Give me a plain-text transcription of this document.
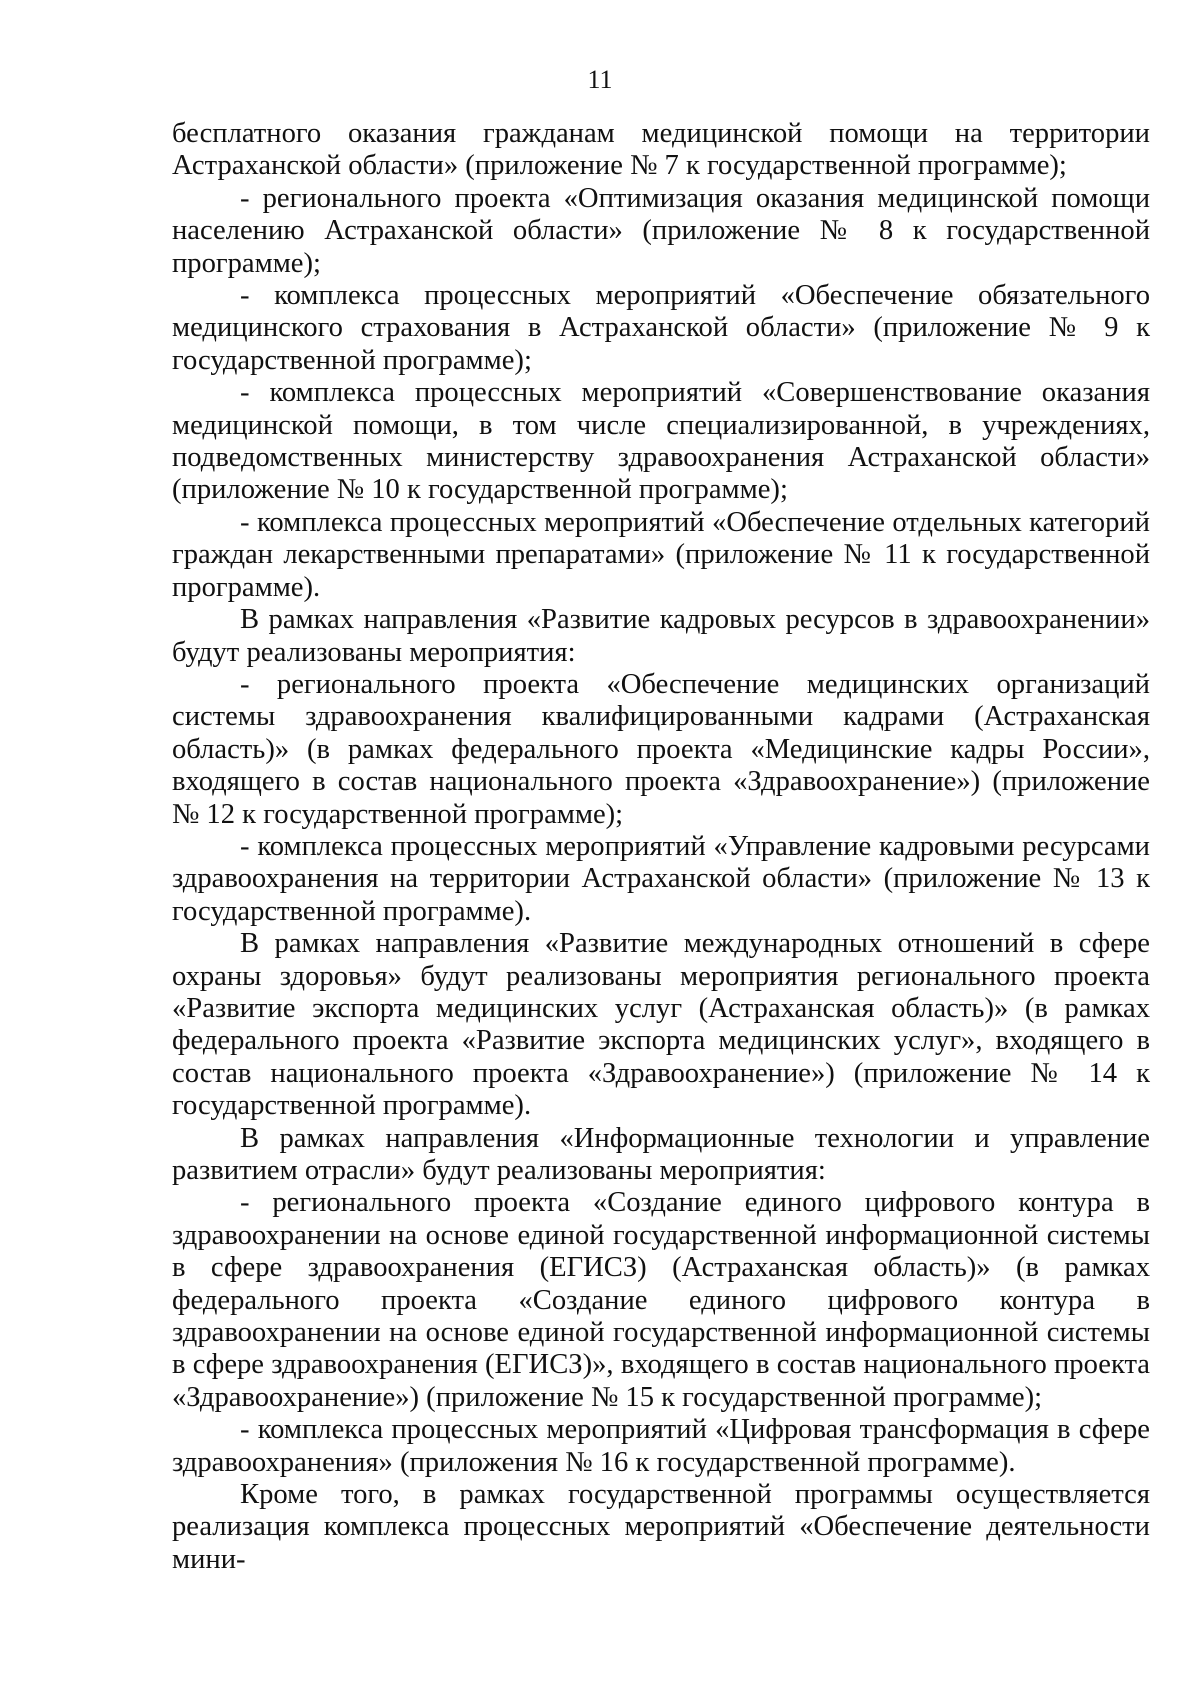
11

бесплатного оказания гражданам медицинской помощи на территории Астраханской области» (приложение № 7 к государственной программе);

- регионального проекта «Оптимизация оказания медицинской помощи населению Астраханской области» (приложение № 8 к государственной программе);

- комплекса процессных мероприятий «Обеспечение обязательного медицинского страхования в Астраханской области» (приложение № 9 к государственной программе);

- комплекса процессных мероприятий «Совершенствование оказания медицинской помощи, в том числе специализированной, в учреждениях, подведомственных министерству здравоохранения Астраханской области» (приложение № 10 к государственной программе);

- комплекса процессных мероприятий «Обеспечение отдельных категорий граждан лекарственными препаратами» (приложение № 11 к государственной программе).

В рамках направления «Развитие кадровых ресурсов в здравоохранении» будут реализованы мероприятия:

- регионального проекта «Обеспечение медицинских организаций системы здравоохранения квалифицированными кадрами (Астраханская область)» (в рамках федерального проекта «Медицинские кадры России», входящего в состав национального проекта «Здравоохранение») (приложение № 12 к государственной программе);

- комплекса процессных мероприятий «Управление кадровыми ресурсами здравоохранения на территории Астраханской области» (приложение № 13 к государственной программе).

В рамках направления «Развитие международных отношений в сфере охраны здоровья» будут реализованы мероприятия регионального проекта «Развитие экспорта медицинских услуг (Астраханская область)» (в рамках федерального проекта «Развитие экспорта медицинских услуг», входящего в состав национального проекта «Здравоохранение») (приложение № 14 к государственной программе).

В рамках направления «Информационные технологии и управление развитием отрасли» будут реализованы мероприятия:

- регионального проекта «Создание единого цифрового контура в здравоохранении на основе единой государственной информационной системы в сфере здравоохранения (ЕГИСЗ) (Астраханская область)» (в рамках федерального проекта «Создание единого цифрового контура в здравоохранении на основе единой государственной информационной системы в сфере здравоохранения (ЕГИСЗ)», входящего в состав национального проекта «Здравоохранение») (приложение № 15 к государственной программе);

- комплекса процессных мероприятий «Цифровая трансформация в сфере здравоохранения» (приложения № 16 к государственной программе).

Кроме того, в рамках государственной программы осуществляется реализация комплекса процессных мероприятий «Обеспечение деятельности мини-
